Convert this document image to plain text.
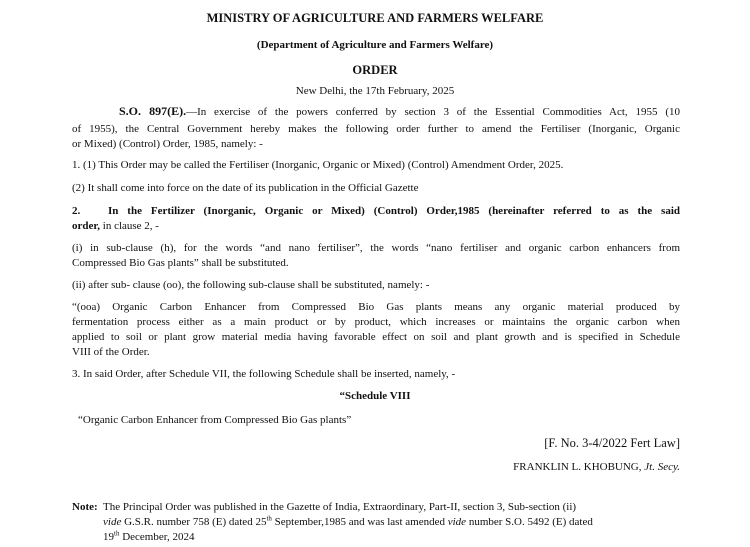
MINISTRY OF AGRICULTURE AND FARMERS WELFARE
(Department of Agriculture and Farmers Welfare)
ORDER
New Delhi, the 17th February, 2025
S.O. 897(E).—In exercise of the powers conferred by section 3 of the Essential Commodities Act, 1955 (10
of 1955), the Central Government hereby makes the following order further to amend the Fertiliser (Inorganic, Organic
or Mixed) (Control) Order, 1985, namely: -
1. (1) This Order may be called the Fertiliser (Inorganic, Organic or Mixed) (Control) Amendment Order, 2025.
(2) It shall come into force on the date of its publication in the Official Gazette
2.	In the Fertilizer (Inorganic, Organic or Mixed) (Control) Order,1985 (hereinafter referred to as the said
order, in clause 2, -
(i) in sub-clause (h), for the words “and nano fertiliser”, the words “nano fertiliser and organic carbon enhancers from
Compressed Bio Gas plants” shall be substituted.
(ii) after sub- clause (oo), the following sub-clause shall be substituted, namely: -
“(ooa) Organic Carbon Enhancer from Compressed Bio Gas plants means any organic material produced by
fermentation process either as a main product or by product, which increases or maintains the organic carbon when
applied to soil or plant grow material media having favorable effect on soil and plant growth and is specified in Schedule
VIII of the Order.
3. In said Order, after Schedule VII, the following Schedule shall be inserted, namely, -
“Schedule VIII
“Organic Carbon Enhancer from Compressed Bio Gas plants”
[F. No. 3-4/2022 Fert Law]
FRANKLIN L. KHOBUNG, Jt. Secy.
Note: The Principal Order was published in the Gazette of India, Extraordinary, Part-II, section 3, Sub-section (ii)
vide G.S.R. number 758 (E) dated 25th September,1985 and was last amended vide number S.O. 5492 (E) dated
19th December, 2024
